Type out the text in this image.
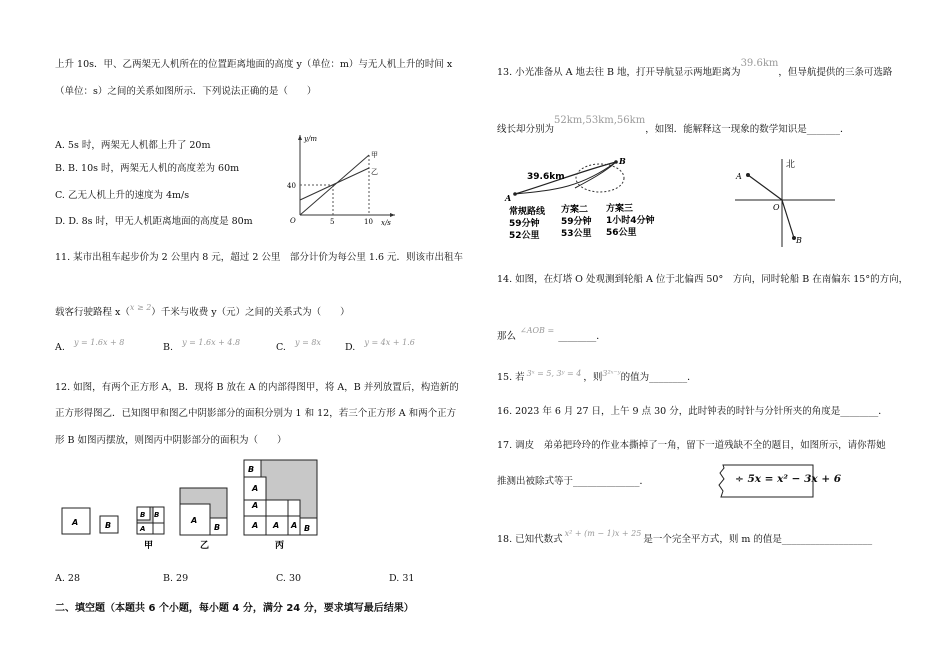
上升 10s．甲、乙两架无人机所在的位置距离地面的高度 y（单位：m）与无人机上升的时间 x
（单位：s）之间的关系如图所示．下列说法正确的是（　　）
A. 5s 时，两架无人机都上升了 20m
B. B. 10s 时，两架无人机的高度差为 60m
C. 乙无人机上升的速度为 4m/s
D. D. 8s 时，甲无人机距离地面的高度是 80m
y/m
x/s
O
40
5	10
甲
乙
11. 某市出租车起步价为 2 公里内 8 元，超过 2 公里　部分计价为每公里 1.6 元．则该市出租车
载客行驶路程 x（$^{x \ge 2}$）千米与收费 y（元）之间的关系式为（　　）
A. $^{y = 1.6x + 8}$	B. $^{y = 1.6x + 4.8}$	C. $^{y = 8x}$	D. $^{y = 4x + 1.6}$
12. 如图，有两个正方形 A，B．现将 B 放在 A 的内部得图甲，将 A，B 并列放置后，构造新的
正方形得图乙．已知图甲和图乙中阴影部分的面积分别为 1 和 12，若三个正方形 A 和两个正方
形 B 如图丙摆放，则图丙中阴影部分的面积为（　　）
A	B
B B
A
A
B
B
A
A
A A A B
甲	乙	丙
A. 28	B. 29	C. 30	D. 31
二、填空题（本题共 6 个小题，每小题 4 分，满分 24 分，要求填写最后结果）
13. 小光准备从 A 地去往 B 地，打开导航显示两地距离为39.6km，但导航提供的三条可选路
线长却分别为52km,53km,56km，如图．能解释这一现象的数学知识是_______．
39.6km
A
B
常规路线
59分钟
52公里
方案二
59分钟
53公里
方案三
1小时4分钟
56公里
北
A
O
B
14. 如图，在灯塔 O 处观测到轮船 A 位于北偏西 50°　方向，同时轮船 B 在南偏东 15°的方向，
那么$^{\angle AOB =}$________．
15. 若 $^{3ˣ = 5, 3ʸ = 4}$ ，则$^{3^2ˣ^-ʸ}$的值为________．
16. 2023 年 6 月 27 日，上午 9 点 30 分，此时钟表的时针与分针所夹的角度是________．
17. 调皮　弟弟把玲玲的作业本撕掉了一角，留下一道残缺不全的题目，如图所示，请你帮她
推测出被除式等于______________．	÷ 5x = x² − 3x + 6
18. 已知代数式$^{x^2 + (m - 1)x + 25}$是一个完全平方式，则 m 的值是___________________
